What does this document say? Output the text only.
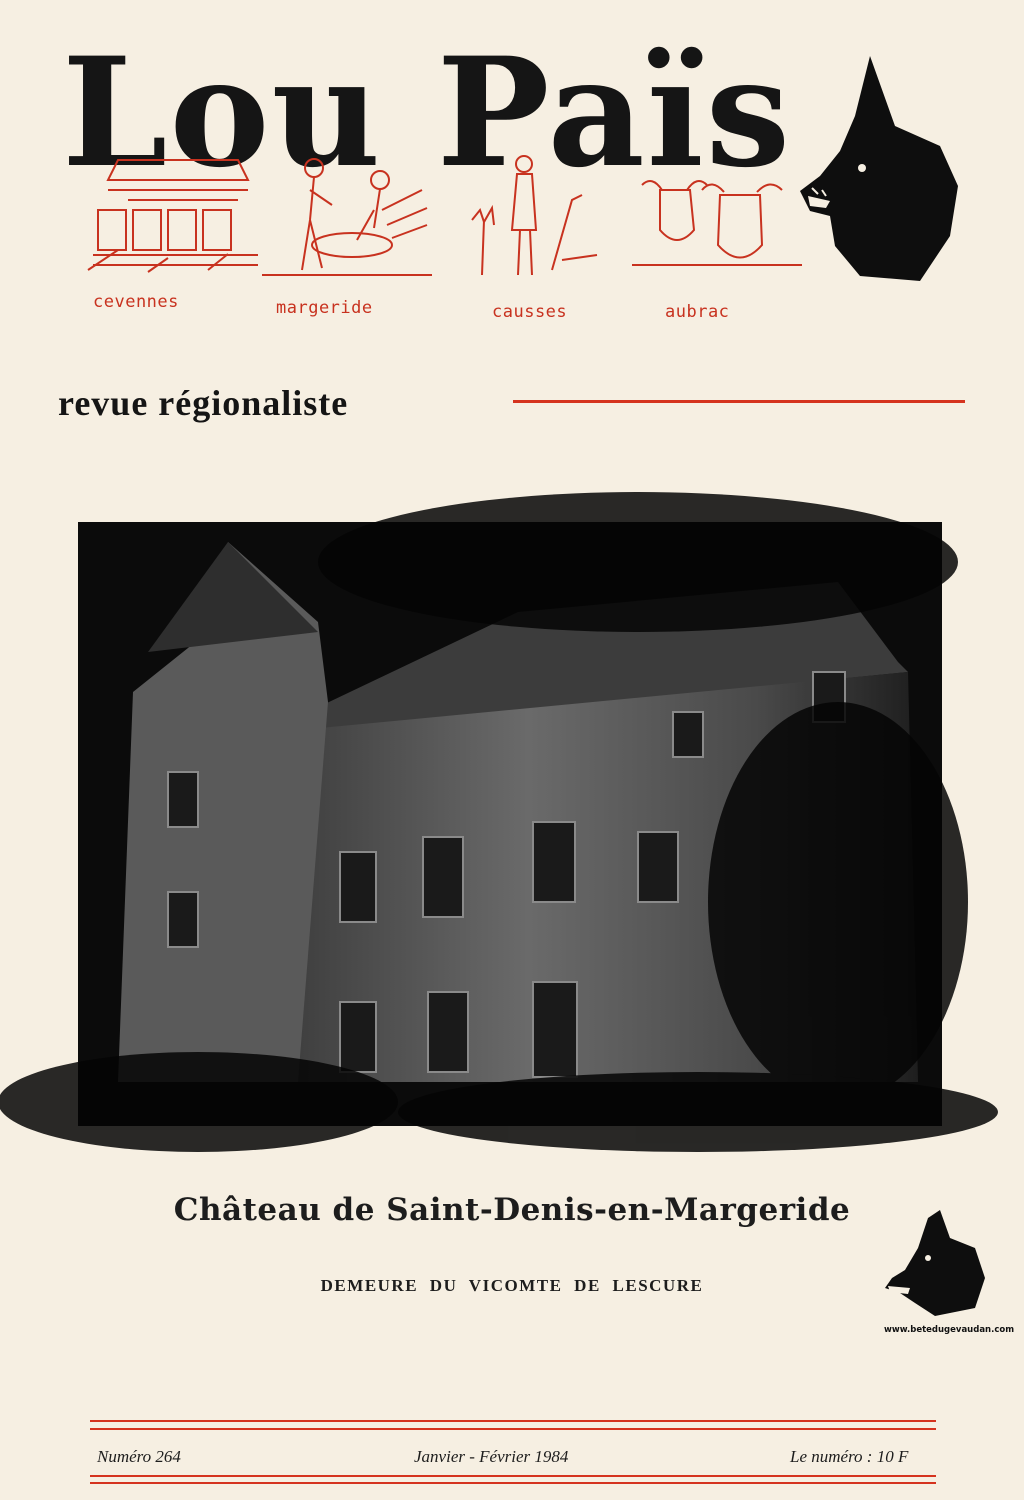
Lou Païs
cevennes	margeride	causses	aubrac
revue régionaliste
Château de Saint-Denis-en-Margeride
DEMEURE DU VICOMTE DE LESCURE
www.betedugevaudan.com
Numéro 264	Janvier - Février 1984	Le numéro : 10 F
